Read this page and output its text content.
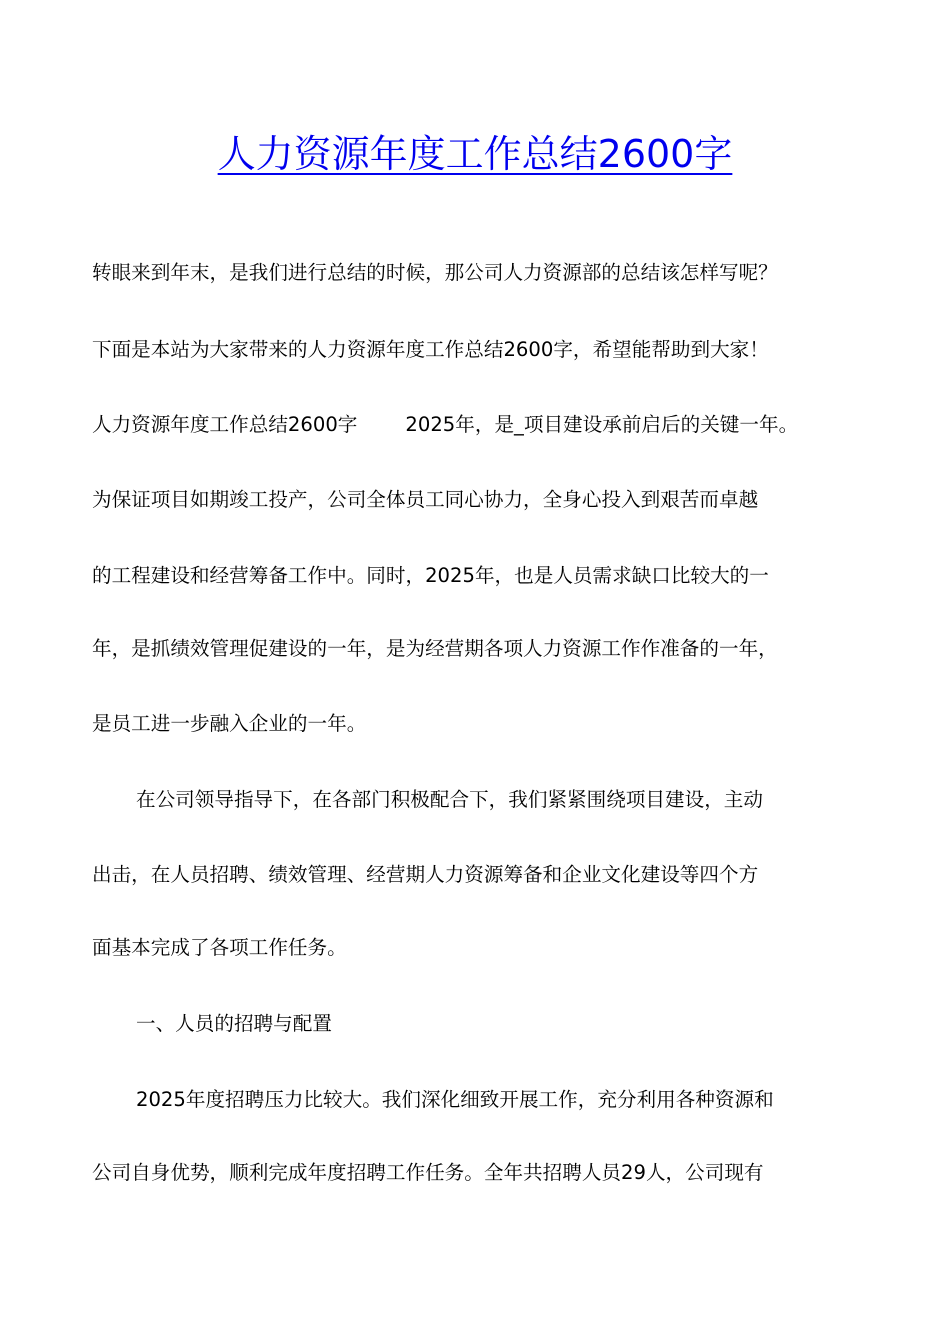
人力资源年度工作总结2600字
转眼来到年末，是我们进行总结的时候，那公司人力资源部的总结该怎样写呢？
下面是本站为大家带来的人力资源年度工作总结2600字，希望能帮助到大家！
人力资源年度工作总结2600字 2025年，是_项目建设承前启后的关键一年。
为保证项目如期竣工投产，公司全体员工同心协力，全身心投入到艰苦而卓越
的工程建设和经营筹备工作中。同时，2025年，也是人员需求缺口比较大的一
年，是抓绩效管理促建设的一年，是为经营期各项人力资源工作作准备的一年，
是员工进一步融入企业的一年。
在公司领导指导下，在各部门积极配合下，我们紧紧围绕项目建设，主动
出击，在人员招聘、绩效管理、经营期人力资源筹备和企业文化建设等四个方
面基本完成了各项工作任务。
一、人员的招聘与配置
2025年度招聘压力比较大。我们深化细致开展工作，充分利用各种资源和
公司自身优势，顺利完成年度招聘工作任务。全年共招聘人员29人，公司现有
